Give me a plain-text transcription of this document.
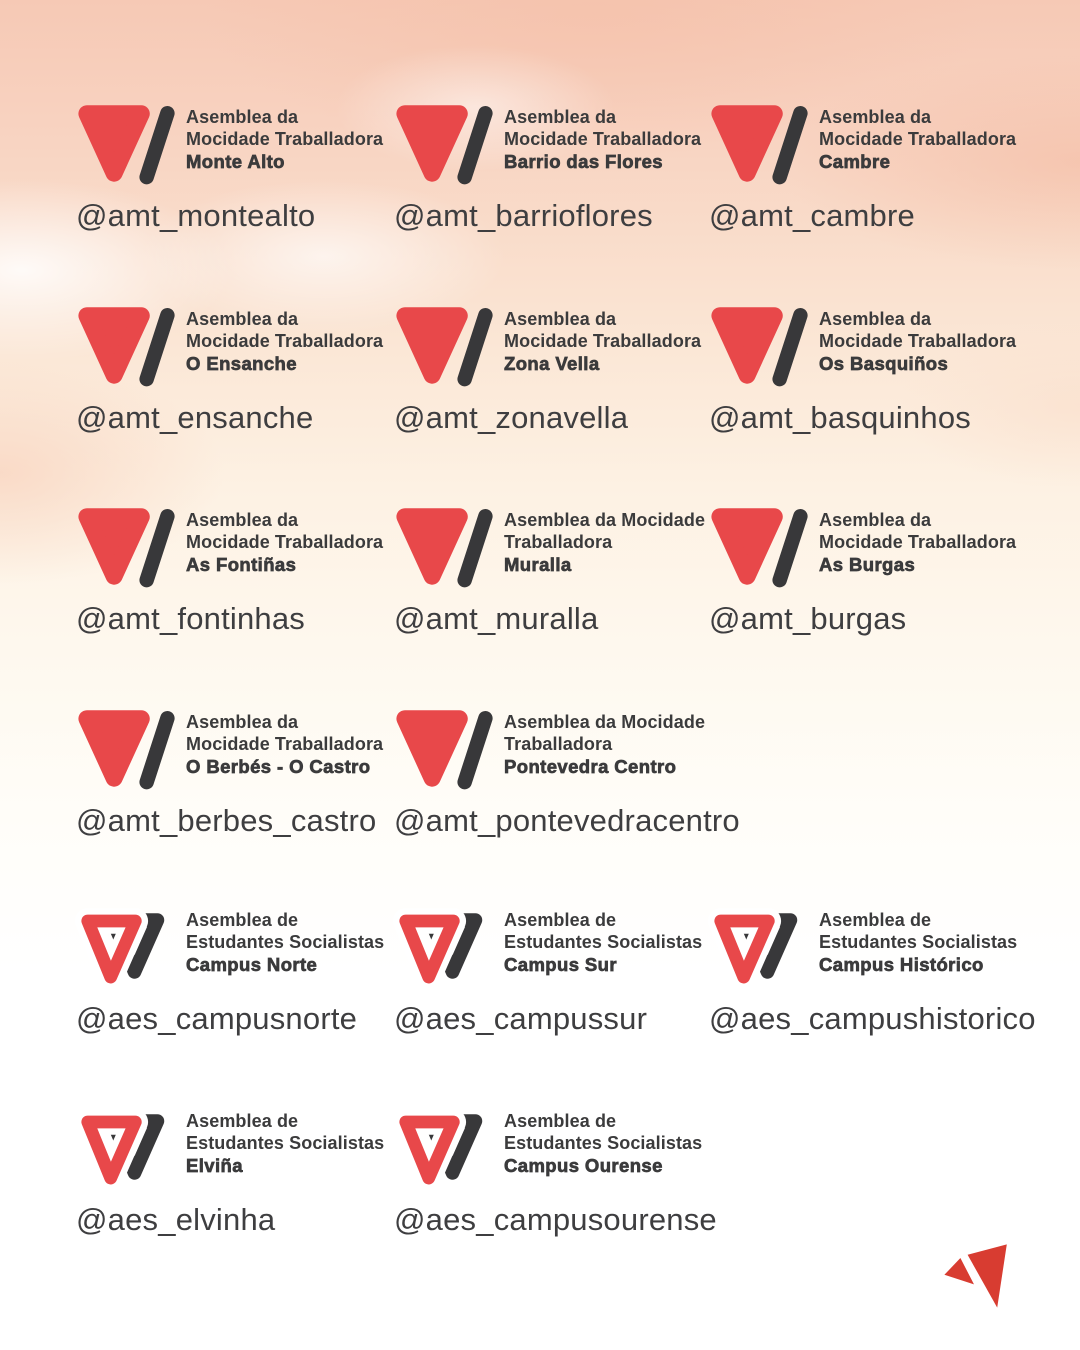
Asemblea da
Mocidade Traballadora
Monte Alto
@amt_montealto
Asemblea da
Mocidade Traballadora
Barrio das Flores
@amt_barrioflores
Asemblea da
Mocidade Traballadora
Cambre
@amt_cambre
Asemblea da
Mocidade Traballadora
O Ensanche
@amt_ensanche
Asemblea da
Mocidade Traballadora
Zona Vella
@amt_zonavella
Asemblea da
Mocidade Traballadora
Os Basquiños
@amt_basquinhos
Asemblea da
Mocidade Traballadora
As Fontiñas
@amt_fontinhas
Asemblea da Mocidade
Traballadora
Muralla
@amt_muralla
Asemblea da
Mocidade Traballadora
As Burgas
@amt_burgas
Asemblea da
Mocidade Traballadora
O Berbés - O Castro
@amt_berbes_castro
Asemblea da Mocidade
Traballadora
Pontevedra Centro
@amt_pontevedracentro
Asemblea de
Estudantes Socialistas
Campus Norte
@aes_campusnorte
Asemblea de
Estudantes Socialistas
Campus Sur
@aes_campussur
Asemblea de
Estudantes Socialistas
Campus Histórico
@aes_campushistorico
Asemblea de
Estudantes Socialistas
Elviña
@aes_elvinha
Asemblea de
Estudantes Socialistas
Campus Ourense
@aes_campusourense
